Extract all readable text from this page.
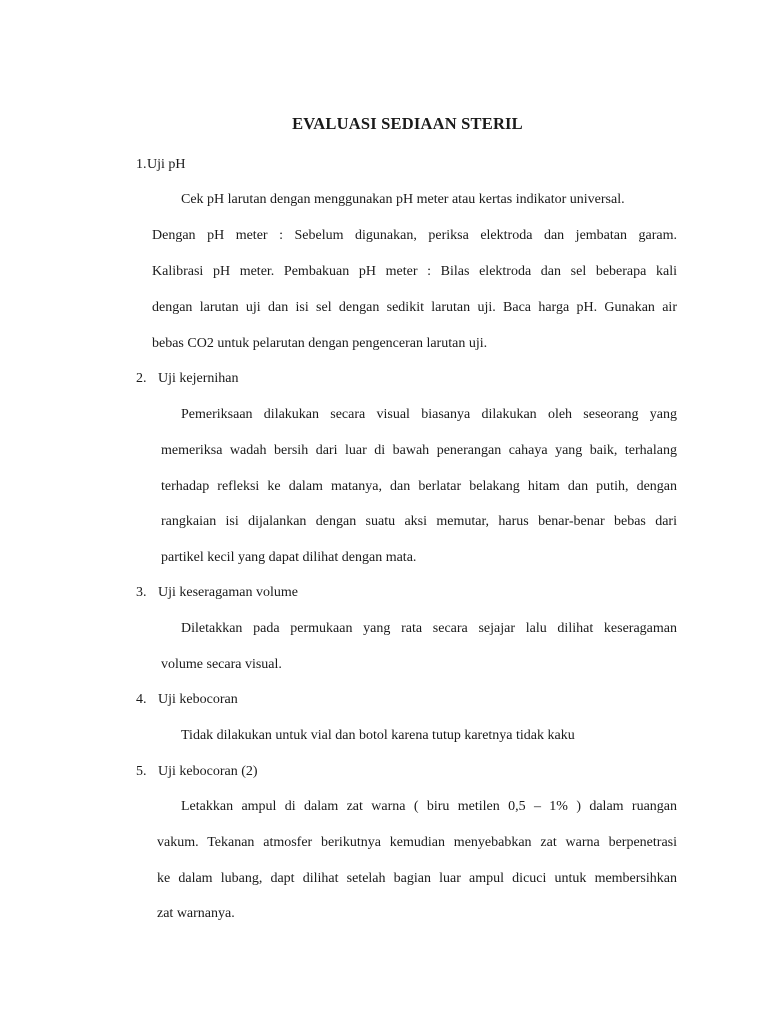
EVALUASI SEDIAAN STERIL
1. Uji pH
Cek pH larutan dengan menggunakan pH meter atau kertas indikator universal.
Dengan pH meter : Sebelum digunakan, periksa elektroda dan jembatan garam.
Kalibrasi pH meter. Pembakuan pH meter : Bilas elektroda dan sel beberapa kali
dengan larutan uji dan isi sel dengan sedikit larutan uji. Baca harga pH. Gunakan air
bebas CO2 untuk pelarutan dengan pengenceran larutan uji.
2. Uji kejernihan
Pemeriksaan dilakukan secara visual biasanya dilakukan oleh seseorang yang
memeriksa wadah bersih dari luar di bawah penerangan cahaya yang baik, terhalang
terhadap refleksi ke dalam matanya, dan berlatar belakang hitam dan putih, dengan
rangkaian isi dijalankan dengan suatu aksi memutar, harus benar-benar bebas dari
partikel kecil yang dapat dilihat dengan mata.
3. Uji keseragaman volume
Diletakkan pada permukaan yang rata secara sejajar lalu dilihat keseragaman
volume secara visual.
4. Uji kebocoran
Tidak dilakukan untuk vial dan botol karena tutup karetnya tidak kaku
5. Uji kebocoran (2)
Letakkan ampul di dalam zat warna ( biru metilen 0,5 – 1% ) dalam ruangan
vakum. Tekanan atmosfer berikutnya kemudian menyebabkan zat warna berpenetrasi
ke dalam lubang, dapt dilihat setelah bagian luar ampul dicuci untuk membersihkan
zat warnanya.
